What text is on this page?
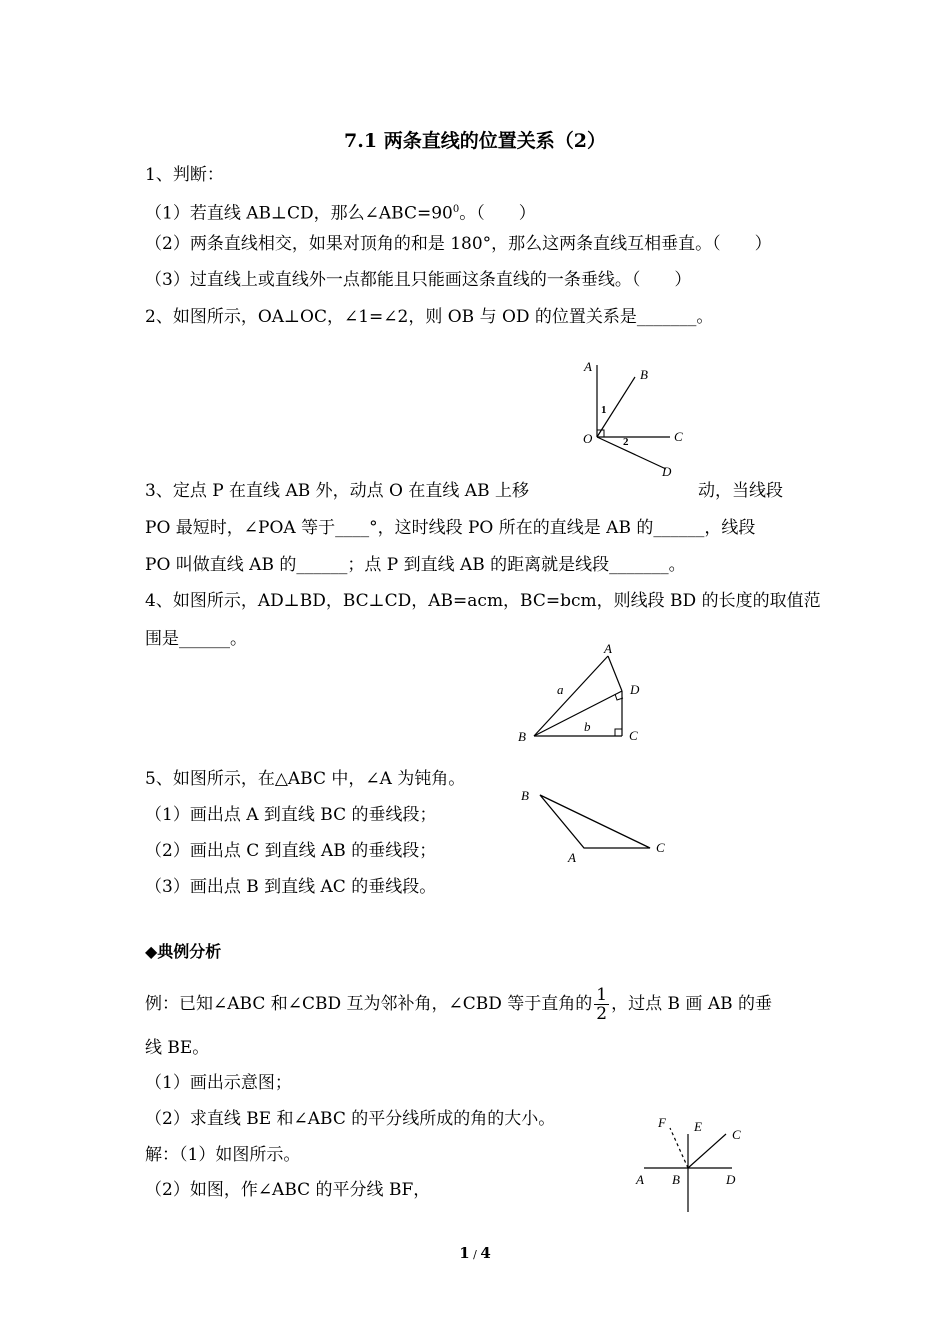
7.1 两条直线的位置关系（2）
1、判断：
（1）若直线 AB⊥CD，那么$\angle ABC=90^0$。（　　）
（2）两条直线相交，如果对顶角的和是 180°，那么这两条直线互相垂直。（　　）
（3）过直线上或直线外一点都能且只能画这条直线的一条垂线。（　　）
2、如图所示，OA⊥OC，∠1=∠2，则 OB 与 OD 的位置关系是_______。
A
B
C
D
O
1
2
3、定点 P 在直线 AB 外，动点 O 在直线 AB 上移	动，当线段
PO 最短时，∠POA 等于____°，这时线段 PO 所在的直线是 AB 的______，线段
PO 叫做直线 AB 的______；点 P 到直线 AB 的距离就是线段_______。
4、如图所示，AD⊥BD，BC⊥CD，AB=acm，BC=bcm，则线段 BD 的长度的取值范
围是______。	A
D
B	C
a
b
5、如图所示，在△ABC 中，∠A 为钝角。
（1）画出点 A 到直线 BC 的垂线段；
（2）画出点 C 到直线 AB 的垂线段；
（3）画出点 B 到直线 AC 的垂线段。
B
A
C
◆典例分析
例：已知∠ABC 和∠CBD 互为邻补角，∠CBD 等于直角的 $\frac{1}{2}$ ，过点 B 画 AB 的垂
线 BE。
（1）画出示意图；
（2）求直线 BE 和∠ABC 的平分线所成的角的大小。
解：（1）如图所示。
（2）如图，作∠ABC 的平分线 BF，
F E
C
A B	D
1 / 4
